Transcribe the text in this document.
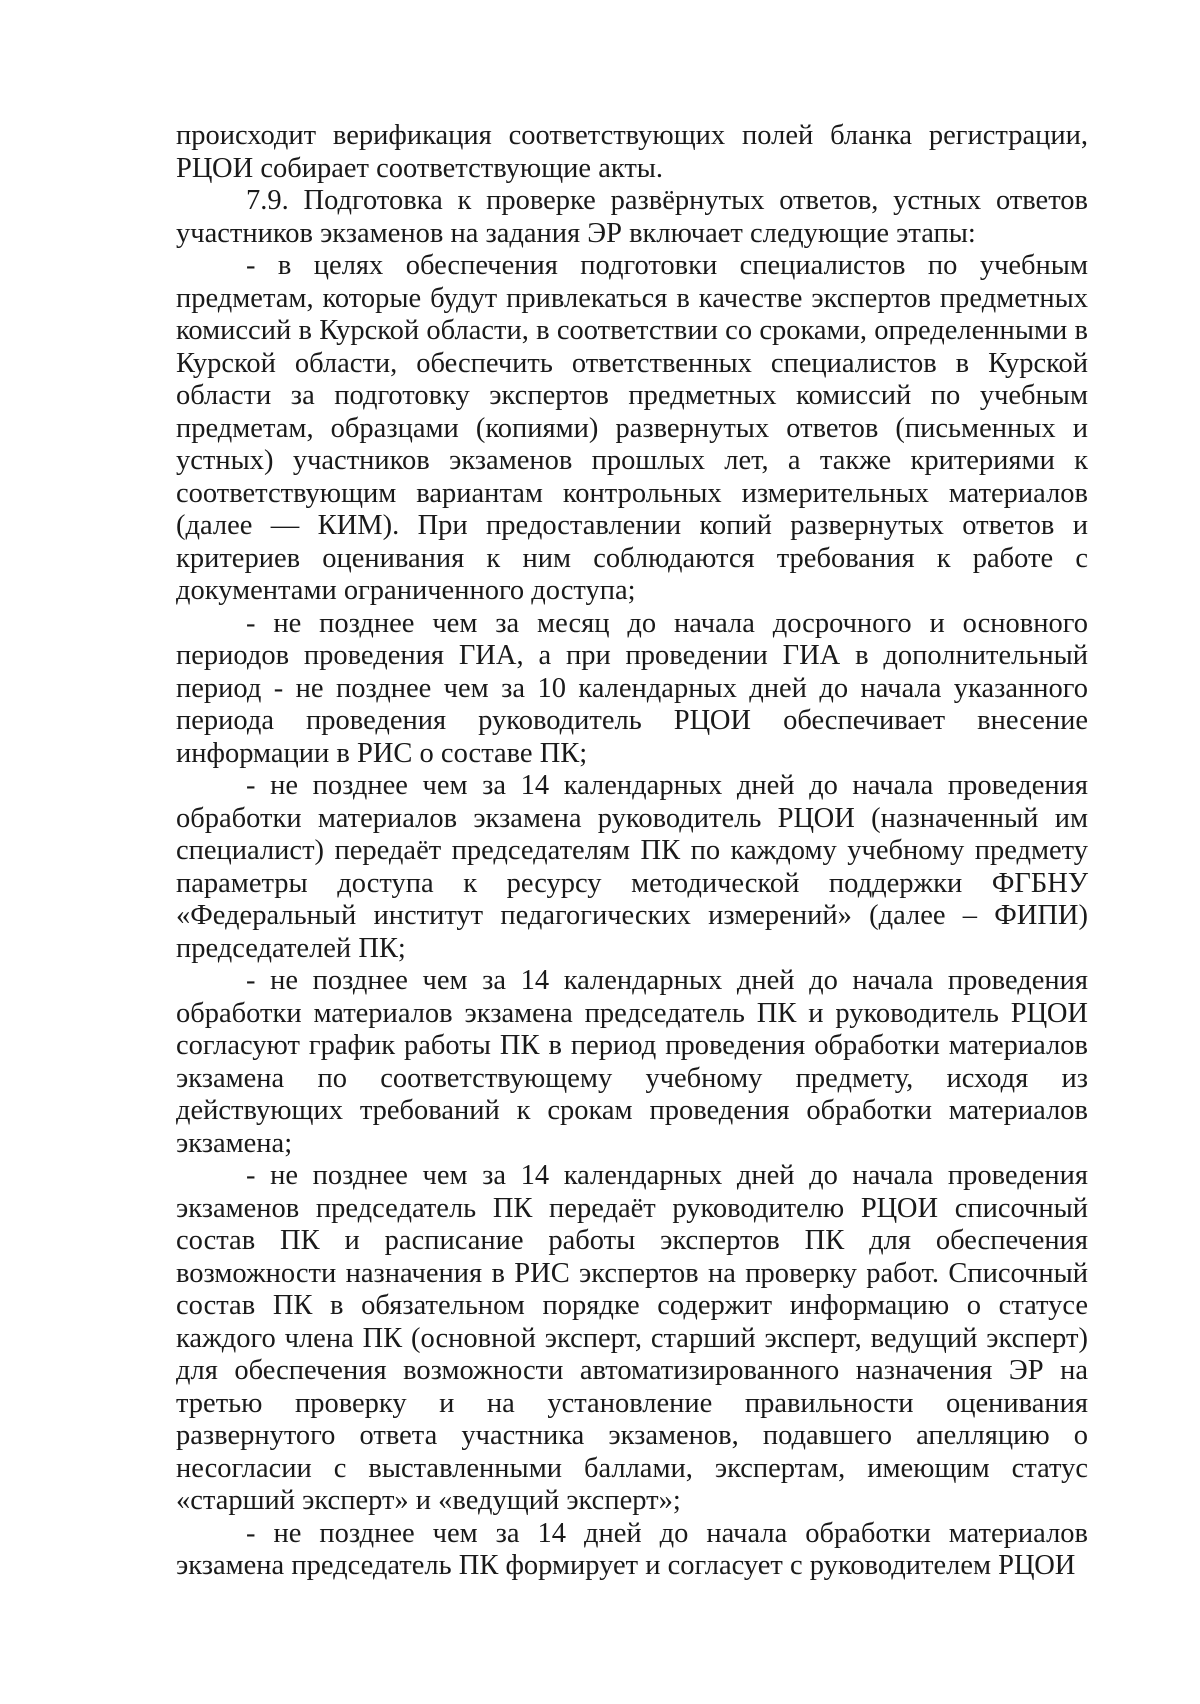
происходит верификация соответствующих полей бланка регистрации, РЦОИ собирает соответствующие акты.

7.9. Подготовка к проверке развёрнутых ответов, устных ответов участников экзаменов на задания ЭР включает следующие этапы:

- в целях обеспечения подготовки специалистов по учебным предметам, которые будут привлекаться в качестве экспертов предметных комиссий в Курской области, в соответствии со сроками, определенными в Курской области, обеспечить ответственных специалистов в Курской области за подготовку экспертов предметных комиссий по учебным предметам, образцами (копиями) развернутых ответов (письменных и устных) участников экзаменов прошлых лет, а также критериями к соответствующим вариантам контрольных измерительных материалов (далее — КИМ). При предоставлении копий развернутых ответов и критериев оценивания к ним соблюдаются требования к работе с документами ограниченного доступа;

- не позднее чем за месяц до начала досрочного и основного периодов проведения ГИА, а при проведении ГИА в дополнительный период - не позднее чем за 10 календарных дней до начала указанного периода проведения руководитель РЦОИ обеспечивает внесение информации в РИС о составе ПК;

- не позднее чем за 14 календарных дней до начала проведения обработки материалов экзамена руководитель РЦОИ (назначенный им специалист) передаёт председателям ПК по каждому учебному предмету параметры доступа к ресурсу методической поддержки ФГБНУ «Федеральный институт педагогических измерений» (далее – ФИПИ) председателей ПК;

- не позднее чем за 14 календарных дней до начала проведения обработки материалов экзамена председатель ПК и руководитель РЦОИ согласуют график работы ПК в период проведения обработки материалов экзамена по соответствующему учебному предмету, исходя из действующих требований к срокам проведения обработки материалов экзамена;

- не позднее чем за 14 календарных дней до начала проведения экзаменов председатель ПК передаёт руководителю РЦОИ списочный состав ПК и расписание работы экспертов ПК для обеспечения возможности назначения в РИС экспертов на проверку работ. Списочный состав ПК в обязательном порядке содержит информацию о статусе каждого члена ПК (основной эксперт, старший эксперт, ведущий эксперт) для обеспечения возможности автоматизированного назначения ЭР на третью проверку и на установление правильности оценивания развернутого ответа участника экзаменов, подавшего апелляцию о несогласии с выставленными баллами, экспертам, имеющим статус «старший эксперт» и «ведущий эксперт»;

- не позднее чем за 14 дней до начала обработки материалов экзамена председатель ПК формирует и согласует с руководителем РЦОИ
